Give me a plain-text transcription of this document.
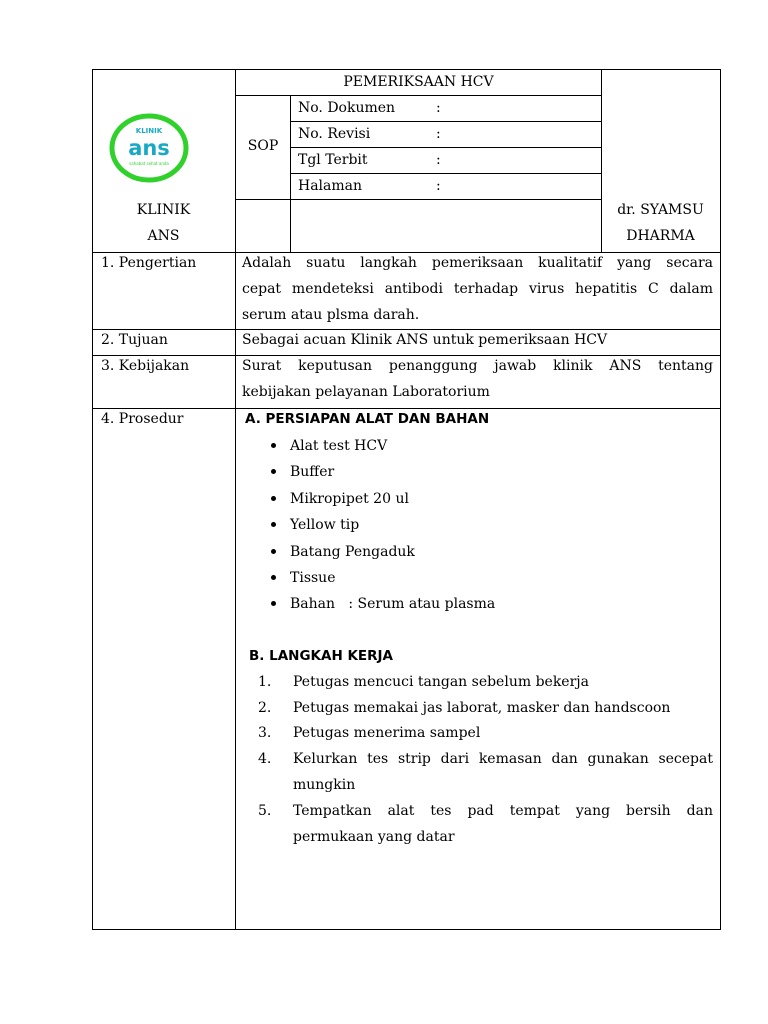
KLINIK
ans
sahabat sehat anda
PEMERIKSAAN HCV
SOP
No. Dokumen	:
No. Revisi	:
Tgl Terbit	:
Halaman	:
KLINIK
ANS
dr. SYAMSU
DHARMA
1. Pengertian	Adalah suatu langkah pemeriksaan kualitatif yang secara
cepat mendeteksi antibodi terhadap virus hepatitis C dalam
serum atau plsma darah.
2. Tujuan	Sebagai acuan Klinik ANS untuk pemeriksaan HCV
3. Kebijakan	Surat keputusan penanggung jawab klinik ANS tentang
kebijakan pelayanan Laboratorium
4. Prosedur	A. PERSIAPAN ALAT DAN BAHAN
Alat test HCV
Buffer
Mikropipet 20 ul
Yellow tip
Batang Pengaduk
Tissue
Bahan   : Serum atau plasma
B. LANGKAH KERJA
1. Petugas mencuci tangan sebelum bekerja
2. Petugas memakai jas laborat, masker dan handscoon
3. Petugas menerima sampel
4. Kelurkan tes strip dari kemasan dan gunakan secepat
mungkin
5. Tempatkan alat tes pad tempat yang bersih dan
permukaan yang datar
